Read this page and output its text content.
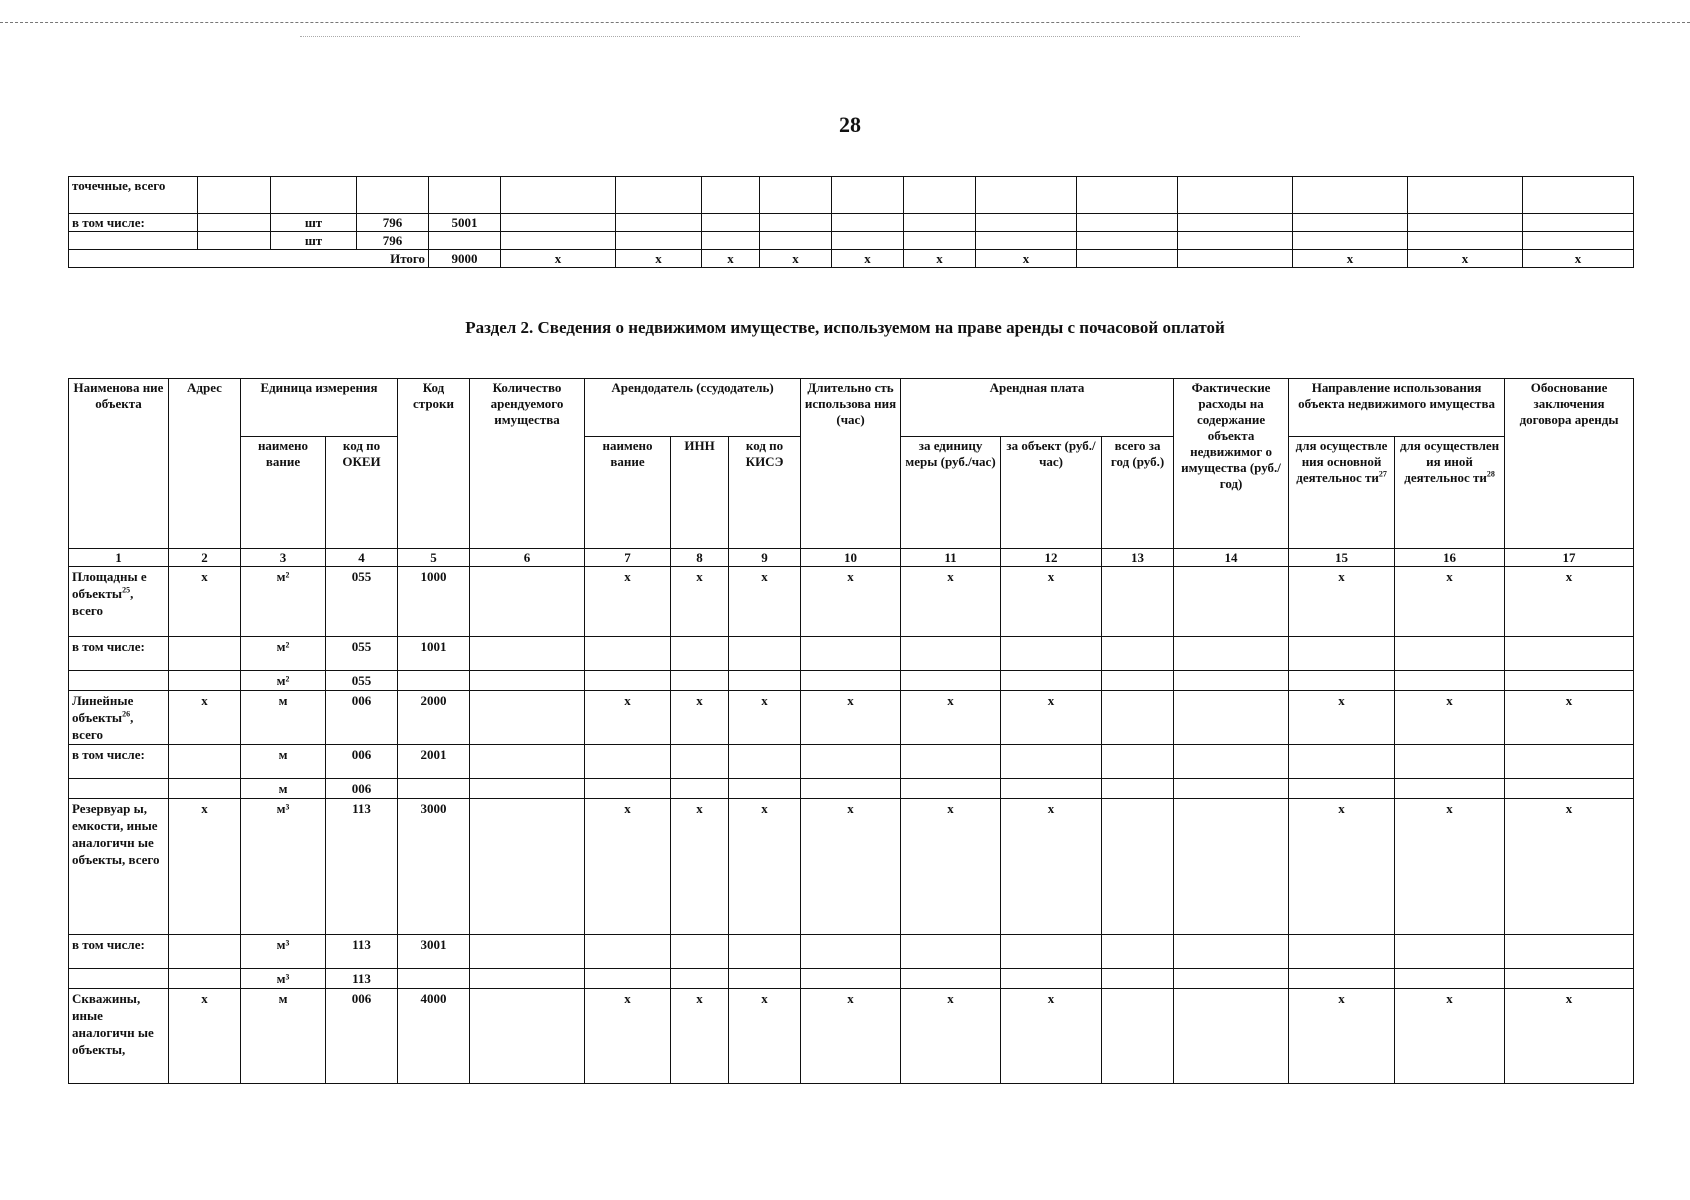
28
точечные, всего																	
в том числе:		шт	796	5001													
		шт	796														
Итого				9000	x	x	x	x	x	x	x			x	x	x	
Раздел 2. Сведения о недвижимом имуществе, используемом на праве аренды с почасовой оплатой
Наименова ние объекта	Адрес	Единица измерения		Код строки	Количество арендуемого имущества	Арендодатель (ссудодатель)			Длительно сть использова ния (час)	Арендная плата			Фактические расходы на содержание объекта недвижимог о имущества (руб./год)	Направление использования объекта недвижимого имущества		Обоснование заключения договора аренды
		наимено вание	код по ОКЕИ			наимено вание	ИНН	код по КИСЭ		за единицу меры (руб./час)	за объект (руб./час)	всего за год (руб.)		для осуществле ния основной деятельнос $ти^{27}$	для осуществлен ия иной деятельнос $ти^{28}$
1	2	3	4	5	6	7	8	9	10	11	12	13	14	15	16	17
Площадны е объекты$^{25}$, всего	x	м²	055	1000		x	x	x	x	x	x			x	x	x
в том числе:		м²	055	1001												
		м²	055													
Линейные объекты$^{26}$, всего	x	м	006	2000		x	x	x	x	x	x			x	x	x
в том числе:		м	006	2001												
		м	006													
Резервуар ы, емкости, иные аналогичн ые объекты, всего	x	м³	113	3000		x	x	x	x	x	x			x	x	x
в том числе:		м³	113	3001												
		м³	113													
Скважины, иные аналогичн ые объекты,	x	м	006	4000		x	x	x	x	x	x			x	x	x
